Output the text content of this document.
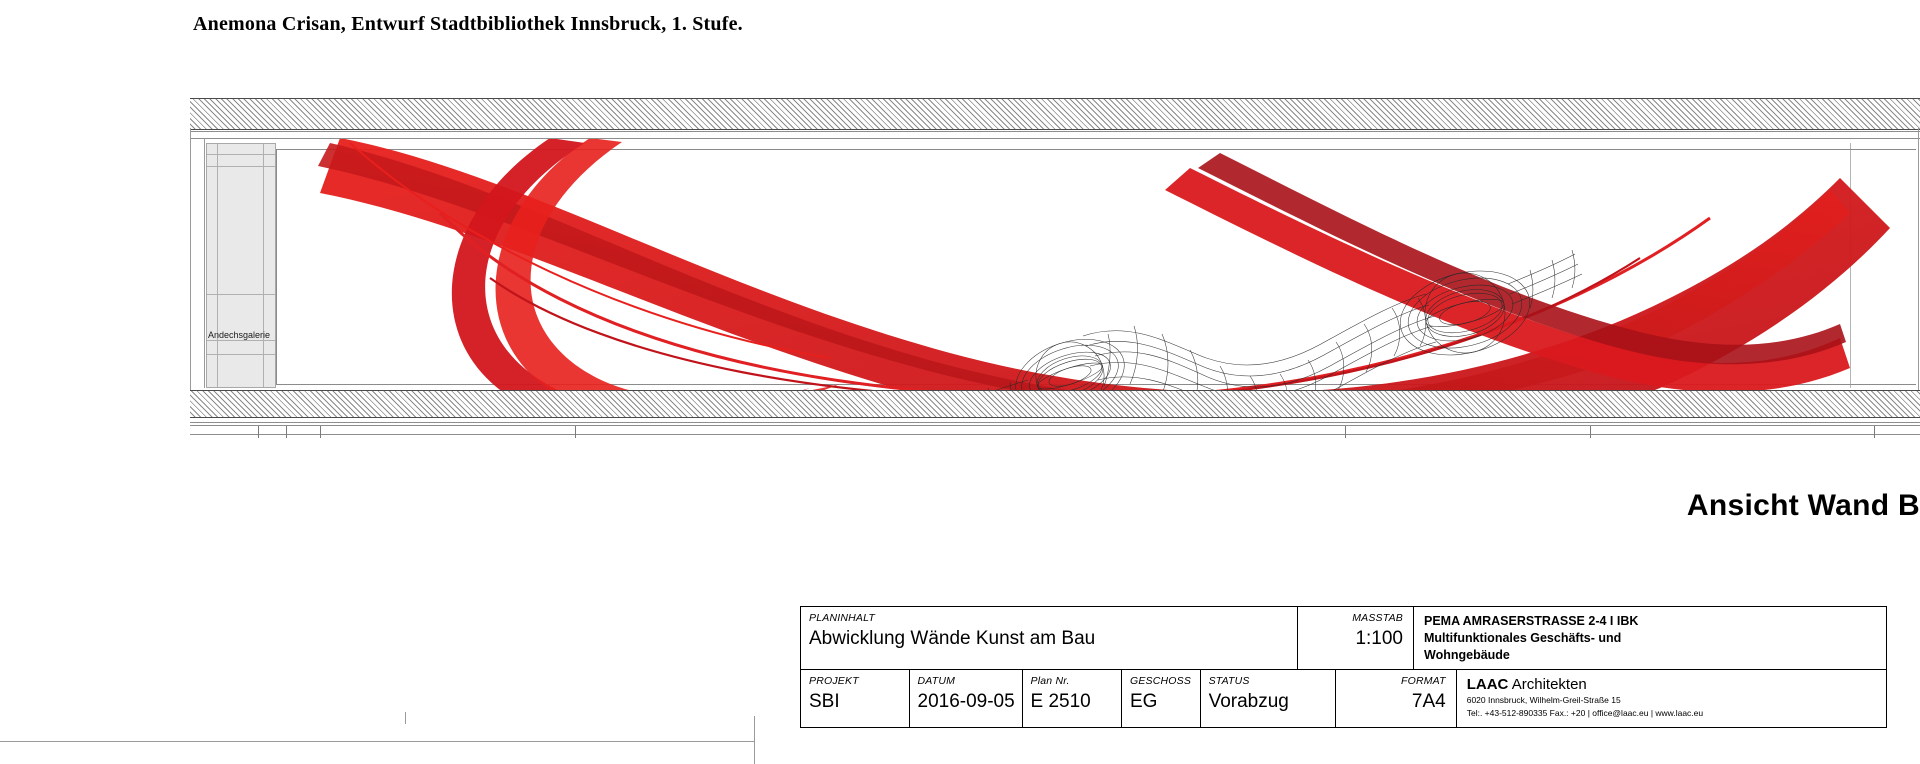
Anemona Crisan, Entwurf Stadtbibliothek Innsbruck, 1. Stufe.
Andechsgalerie
Ansicht Wand B
PLANINHALT
Abwicklung Wände Kunst am Bau
MASSTAB
1:100
PEMA AMRASERSTRASSE 2-4 I IBK
Multifunktionales Geschäfts- und
Wohngebäude
PROJEKT
SBI
DATUM
2016-09-05
Plan Nr.
E 2510
GESCHOSS
EG
STATUS
Vorabzug
FORMAT
7A4
LAAC Architekten
6020 Innsbruck, Wilhelm-Greil-Straße 15
Tel:. +43-512-890335 Fax.: +20 | office@laac.eu | www.laac.eu
